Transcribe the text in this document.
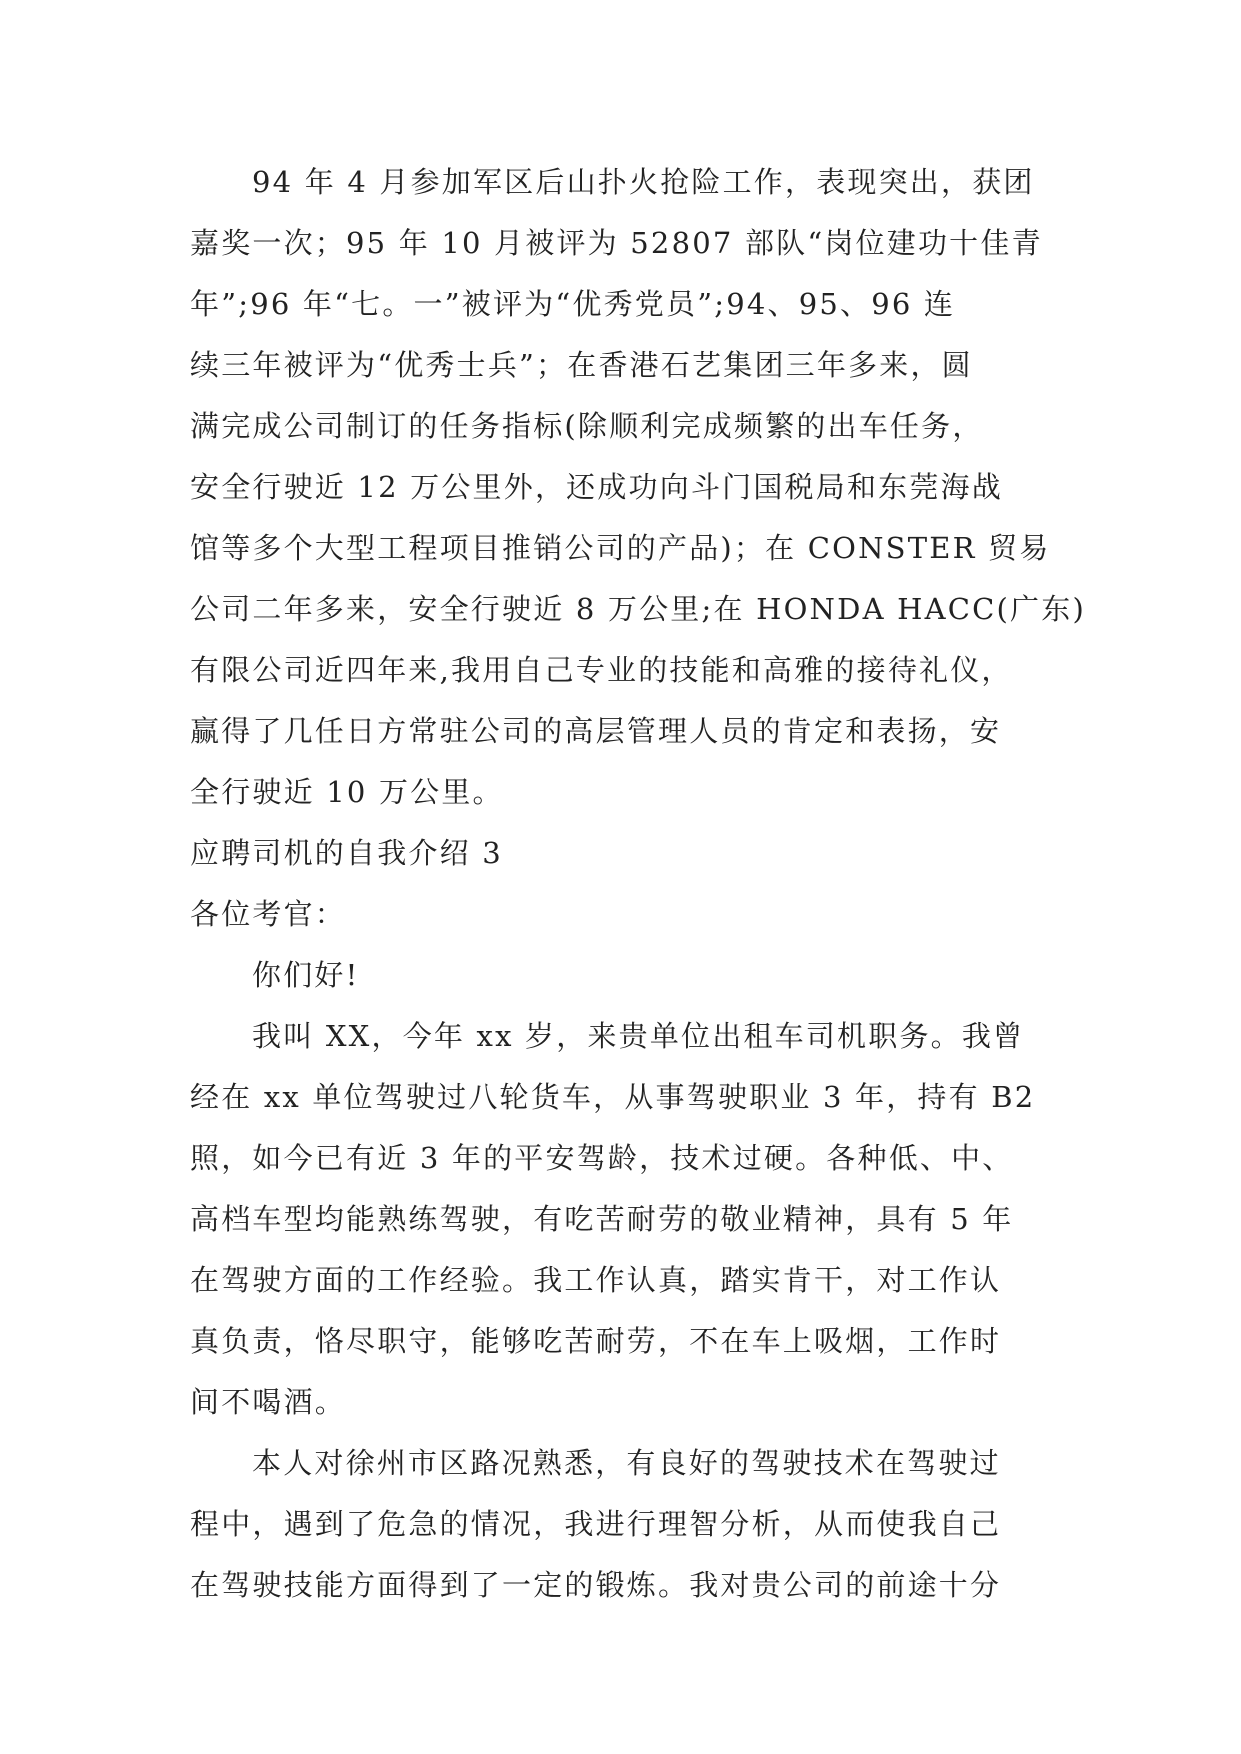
94 年 4 月参加军区后山扑火抢险工作，表现突出，获团
嘉奖一次；95 年 10 月被评为 52807 部队“岗位建功十佳青
年”;96 年“七。一”被评为“优秀党员”;94、95、96 连
续三年被评为“优秀士兵”；在香港石艺集团三年多来，圆
满完成公司制订的任务指标(除顺利完成频繁的出车任务，
安全行驶近 12 万公里外，还成功向斗门国税局和东莞海战
馆等多个大型工程项目推销公司的产品)；在 CONSTER 贸易
公司二年多来，安全行驶近 8 万公里;在 HONDA HACC(广东)
有限公司近四年来,我用自己专业的技能和高雅的接待礼仪，
赢得了几任日方常驻公司的高层管理人员的肯定和表扬，安
全行驶近 10 万公里。
应聘司机的自我介绍 3
各位考官：
你们好!
我叫 XX，今年 xx 岁，来贵单位出租车司机职务。我曾
经在 xx 单位驾驶过八轮货车，从事驾驶职业 3 年，持有 B2
照，如今已有近 3 年的平安驾龄，技术过硬。各种低、中、
高档车型均能熟练驾驶，有吃苦耐劳的敬业精神，具有 5 年
在驾驶方面的工作经验。我工作认真，踏实肯干，对工作认
真负责，恪尽职守，能够吃苦耐劳，不在车上吸烟，工作时
间不喝酒。
本人对徐州市区路况熟悉，有良好的驾驶技术在驾驶过
程中，遇到了危急的情况，我进行理智分析，从而使我自己
在驾驶技能方面得到了一定的锻炼。我对贵公司的前途十分
